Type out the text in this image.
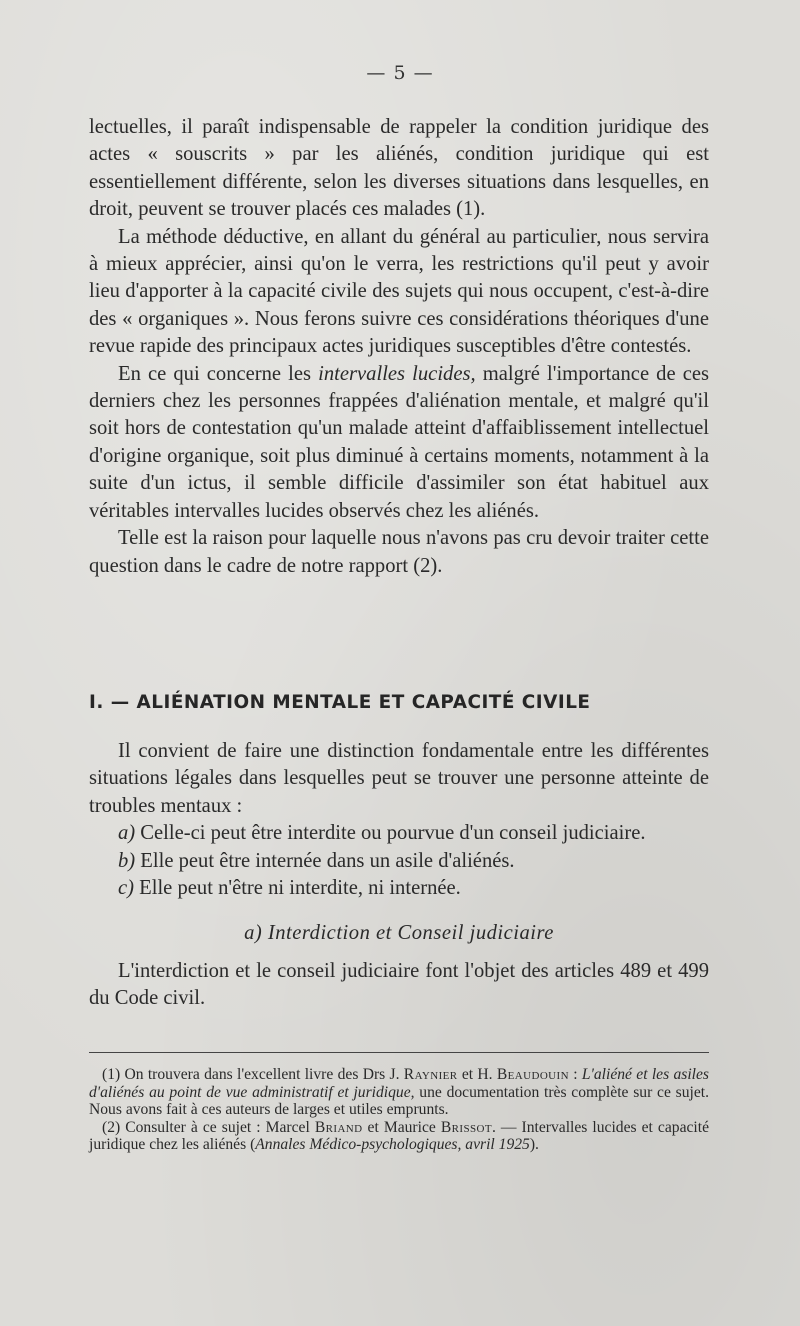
— 5 —

lectuelles, il paraît indispensable de rappeler la condition juridique des actes « souscrits » par les aliénés, condition juridique qui est essentiellement différente, selon les diverses situations dans lesquelles, en droit, peuvent se trouver placés ces malades (1).

La méthode déductive, en allant du général au particulier, nous servira à mieux apprécier, ainsi qu'on le verra, les restrictions qu'il peut y avoir lieu d'apporter à la capacité civile des sujets qui nous occupent, c'est-à-dire des « organiques ». Nous ferons suivre ces considérations théoriques d'une revue rapide des principaux actes juridiques susceptibles d'être contestés.

En ce qui concerne les intervalles lucides, malgré l'importance de ces derniers chez les personnes frappées d'aliénation mentale, et malgré qu'il soit hors de contestation qu'un malade atteint d'affaiblissement intellectuel d'origine organique, soit plus diminué à certains moments, notamment à la suite d'un ictus, il semble difficile d'assimiler son état habituel aux véritables intervalles lucides observés chez les aliénés.

Telle est la raison pour laquelle nous n'avons pas cru devoir traiter cette question dans le cadre de notre rapport (2).

I. — ALIÉNATION MENTALE ET CAPACITÉ CIVILE

Il convient de faire une distinction fondamentale entre les différentes situations légales dans lesquelles peut se trouver une personne atteinte de troubles mentaux :

a) Celle-ci peut être interdite ou pourvue d'un conseil judiciaire.

b) Elle peut être internée dans un asile d'aliénés.

c) Elle peut n'être ni interdite, ni internée.

a) Interdiction et Conseil judiciaire

L'interdiction et le conseil judiciaire font l'objet des articles 489 et 499 du Code civil.

(1) On trouvera dans l'excellent livre des Drs J. Raynier et H. Beaudouin : L'aliéné et les asiles d'aliénés au point de vue administratif et juridique, une documentation très complète sur ce sujet. Nous avons fait à ces auteurs de larges et utiles emprunts.

(2) Consulter à ce sujet : Marcel Briand et Maurice Brissot. — Intervalles lucides et capacité juridique chez les aliénés (Annales Médico-psychologiques, avril 1925).
